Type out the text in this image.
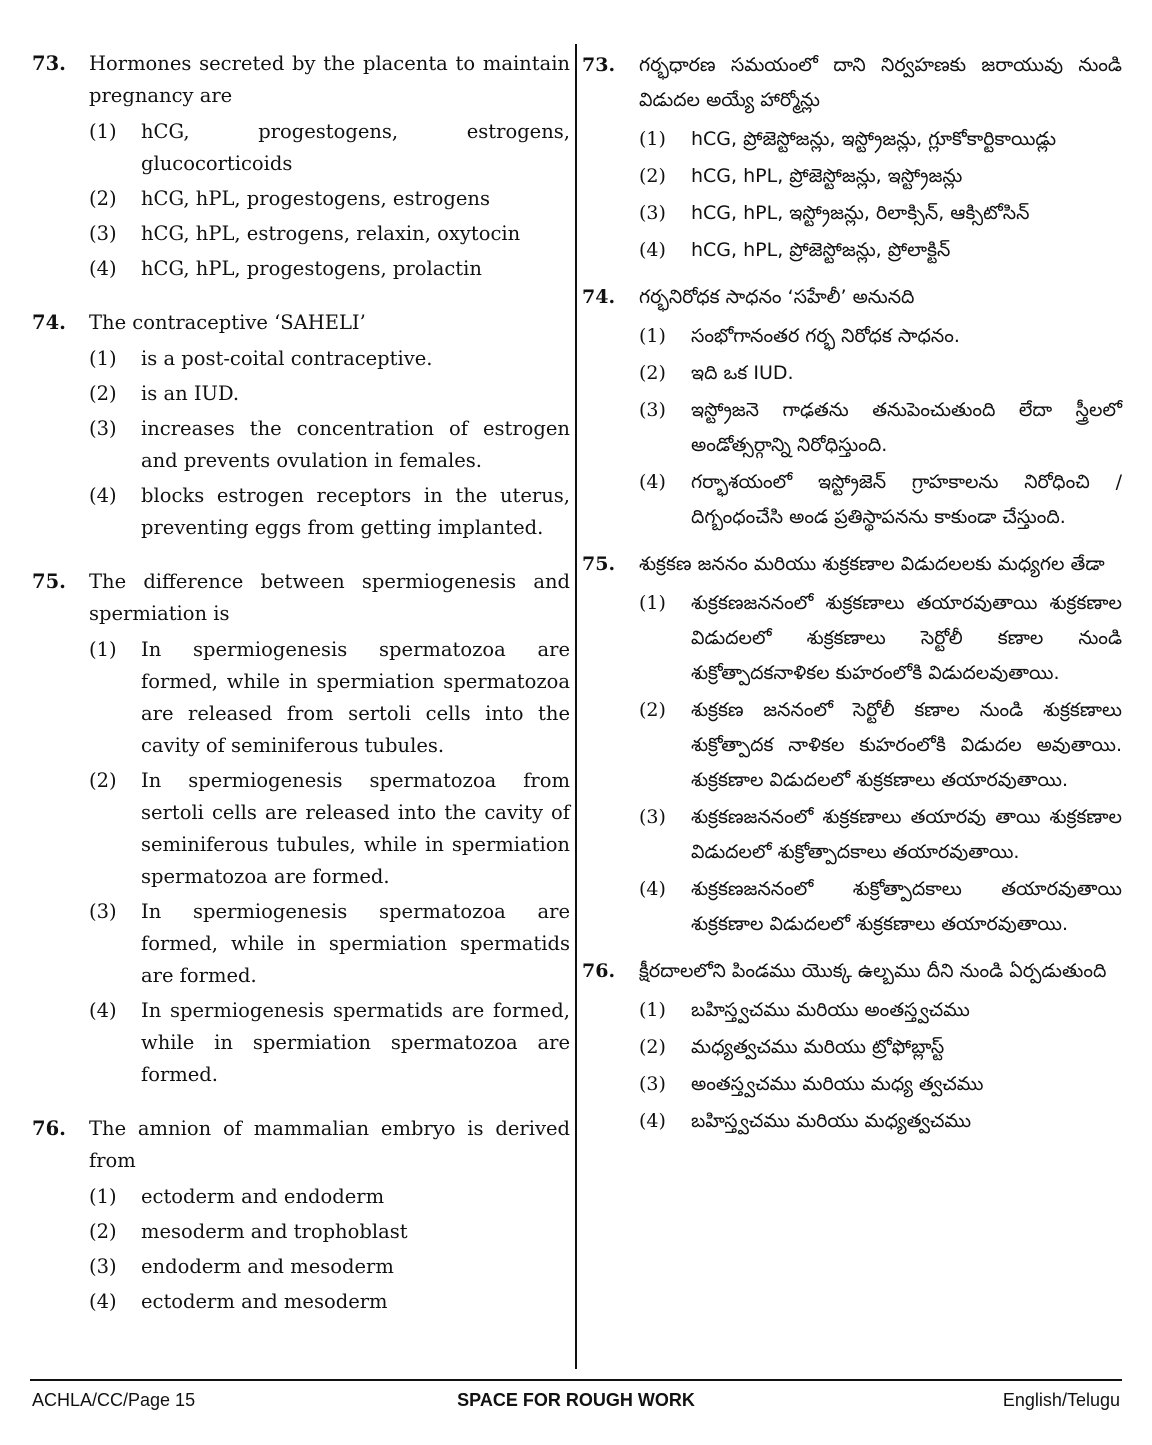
73.	Hormones secreted by the placenta to maintain pregnancy are
(1)	hCG, progestogens, estrogens, glucocorticoids
(2)	hCG, hPL, progestogens, estrogens
(3)	hCG, hPL, estrogens, relaxin, oxytocin
(4)	hCG, hPL, progestogens, prolactin
74.	The contraceptive ‘SAHELI’
(1)	is a post-coital contraceptive.
(2)	is an IUD.
(3)	increases the concentration of estrogen and prevents ovulation in females.
(4)	blocks estrogen receptors in the uterus, preventing eggs from getting implanted.
75.	The difference between spermiogenesis and spermiation is
(1)	In spermiogenesis spermatozoa are formed, while in spermiation spermatozoa are released from sertoli cells into the cavity of seminiferous tubules.
(2)	In spermiogenesis spermatozoa from sertoli cells are released into the cavity of seminiferous tubules, while in spermiation spermatozoa are formed.
(3)	In spermiogenesis spermatozoa are formed, while in spermiation spermatids are formed.
(4)	In spermiogenesis spermatids are formed, while in spermiation spermatozoa are formed.
76.	The amnion of mammalian embryo is derived from
(1)	ectoderm and endoderm
(2)	mesoderm and trophoblast
(3)	endoderm and mesoderm
(4)	ectoderm and mesoderm
73.	గర్భధారణ సమయంలో దాని నిర్వహణకు జరాయువు నుండి విడుదల అయ్యే హార్మోన్లు
(1)	hCG, ప్రోజెస్టోజన్లు, ఇస్ట్రోజన్లు, గ్లూకోకార్టికాయిడ్లు
(2)	hCG, hPL, ప్రోజెస్టోజన్లు, ఇస్ట్రోజన్లు
(3)	hCG, hPL, ఇస్ట్రోజన్లు, రిలాక్సిన్, ఆక్సిటోసిన్
(4)	hCG, hPL, ప్రోజెస్టోజన్లు, ప్రోలాక్టిన్
74.	గర్భనిరోధక సాధనం ‘సహేలీ’ అనునది
(1)	సంభోగానంతర గర్భ నిరోధక సాధనం.
(2)	ఇది ఒక IUD.
(3)	ఇస్ట్రోజనె గాఢతను తనుపెంచుతుంది లేదా స్త్రీలలో అండోత్సర్గాన్ని నిరోధిస్తుంది.
(4)	గర్భాశయంలో ఇస్ట్రోజెన్ గ్రాహకాలను నిరోధించి / దిగ్బంధంచేసి అండ ప్రతిస్థాపనను కాకుండా చేస్తుంది.
75.	శుక్రకణ జననం మరియు శుక్రకణాల విడుదలలకు మధ్యగల తేడా
(1)	శుక్రకణజననంలో శుక్రకణాలు తయారవుతాయి శుక్రకణాల విడుదలలో శుక్రకణాలు సెర్టోలీ కణాల నుండి శుక్రోత్పాదకనాళికల కుహరంలోకి విడుదలవుతాయి.
(2)	శుక్రకణ జననంలో సెర్టోలీ కణాల నుండి శుక్రకణాలు శుక్రోత్పాదక నాళికల కుహరంలోకి విడుదల అవుతాయి. శుక్రకణాల విడుదలలో శుక్రకణాలు తయారవుతాయి.
(3)	శుక్రకణజననంలో శుక్రకణాలు తయారవు తాయి శుక్రకణాల విడుదలలో శుక్రోత్పాదకాలు తయారవుతాయి.
(4)	శుక్రకణజననంలో శుక్రోత్పాదకాలు తయారవుతాయి శుక్రకణాల విడుదలలో శుక్రకణాలు తయారవుతాయి.
76.	క్షీరదాలలోని పిండము యొక్క ఉల్బము దీని నుండి ఏర్పడుతుంది
(1)	బహిస్త్వచము మరియు అంతస్త్వచము
(2)	మధ్యత్వచము మరియు ట్రోఫోబ్లాస్ట్
(3)	అంతస్త్వచము మరియు మధ్య త్వచము
(4)	బహిస్త్వచము మరియు మధ్యత్వచము
ACHLA/CC/Page 15	SPACE FOR ROUGH WORK	English/Telugu
